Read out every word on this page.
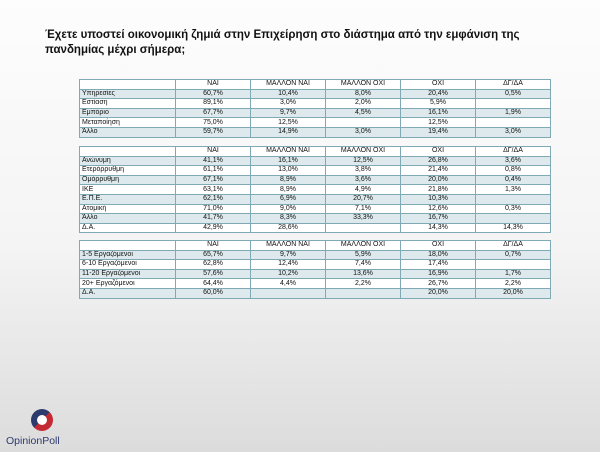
Έχετε υποστεί οικονομική ζημιά στην Επιχείρηση στο διάστημα από την εμφάνιση της πανδημίας μέχρι σήμερα;
	ΝΑΙ	ΜΑΛΛΟΝ ΝΑΙ	ΜΑΛΛΟΝ ΟΧΙ	ΟΧΙ	ΔΓ/ΔΑ
Υπηρεσίες	60,7%	10,4%	8,0%	20,4%	0,5%
Εστίαση	89,1%	3,0%	2,0%	5,9%	
Εμπόριο	67,7%	9,7%	4,5%	16,1%	1,9%
Μεταποίηση	75,0%	12,5%		12,5%	
Άλλο	59,7%	14,9%	3,0%	19,4%	3,0%
	ΝΑΙ	ΜΑΛΛΟΝ ΝΑΙ	ΜΑΛΛΟΝ ΟΧΙ	ΟΧΙ	ΔΓ/ΔΑ
Ανώνυμη	41,1%	16,1%	12,5%	26,8%	3,6%
Ετερόρρυθμη	61,1%	13,0%	3,8%	21,4%	0,8%
Ομόρρυθμη	67,1%	8,9%	3,6%	20,0%	0,4%
ΙΚΕ	63,1%	8,9%	4,9%	21,8%	1,3%
Ε.Π.Ε.	62,1%	6,9%	20,7%	10,3%	
Ατομική	71,0%	9,0%	7,1%	12,6%	0,3%
Άλλο	41,7%	8,3%	33,3%	16,7%	
Δ.Α.	42,9%	28,6%		14,3%	14,3%
	ΝΑΙ	ΜΑΛΛΟΝ ΝΑΙ	ΜΑΛΛΟΝ ΟΧΙ	ΟΧΙ	ΔΓ/ΔΑ
1-5 Εργαζόμενοι	65,7%	9,7%	5,9%	18,0%	0,7%
6-10 Εργαζόμενοι	62,8%	12,4%	7,4%	17,4%	
11-20 Εργαζόμενοι	57,6%	10,2%	13,6%	16,9%	1,7%
20+ Εργαζόμενοι	64,4%	4,4%	2,2%	26,7%	2,2%
Δ.Α.	60,0%			20,0%	20,0%
OpinionPoll
